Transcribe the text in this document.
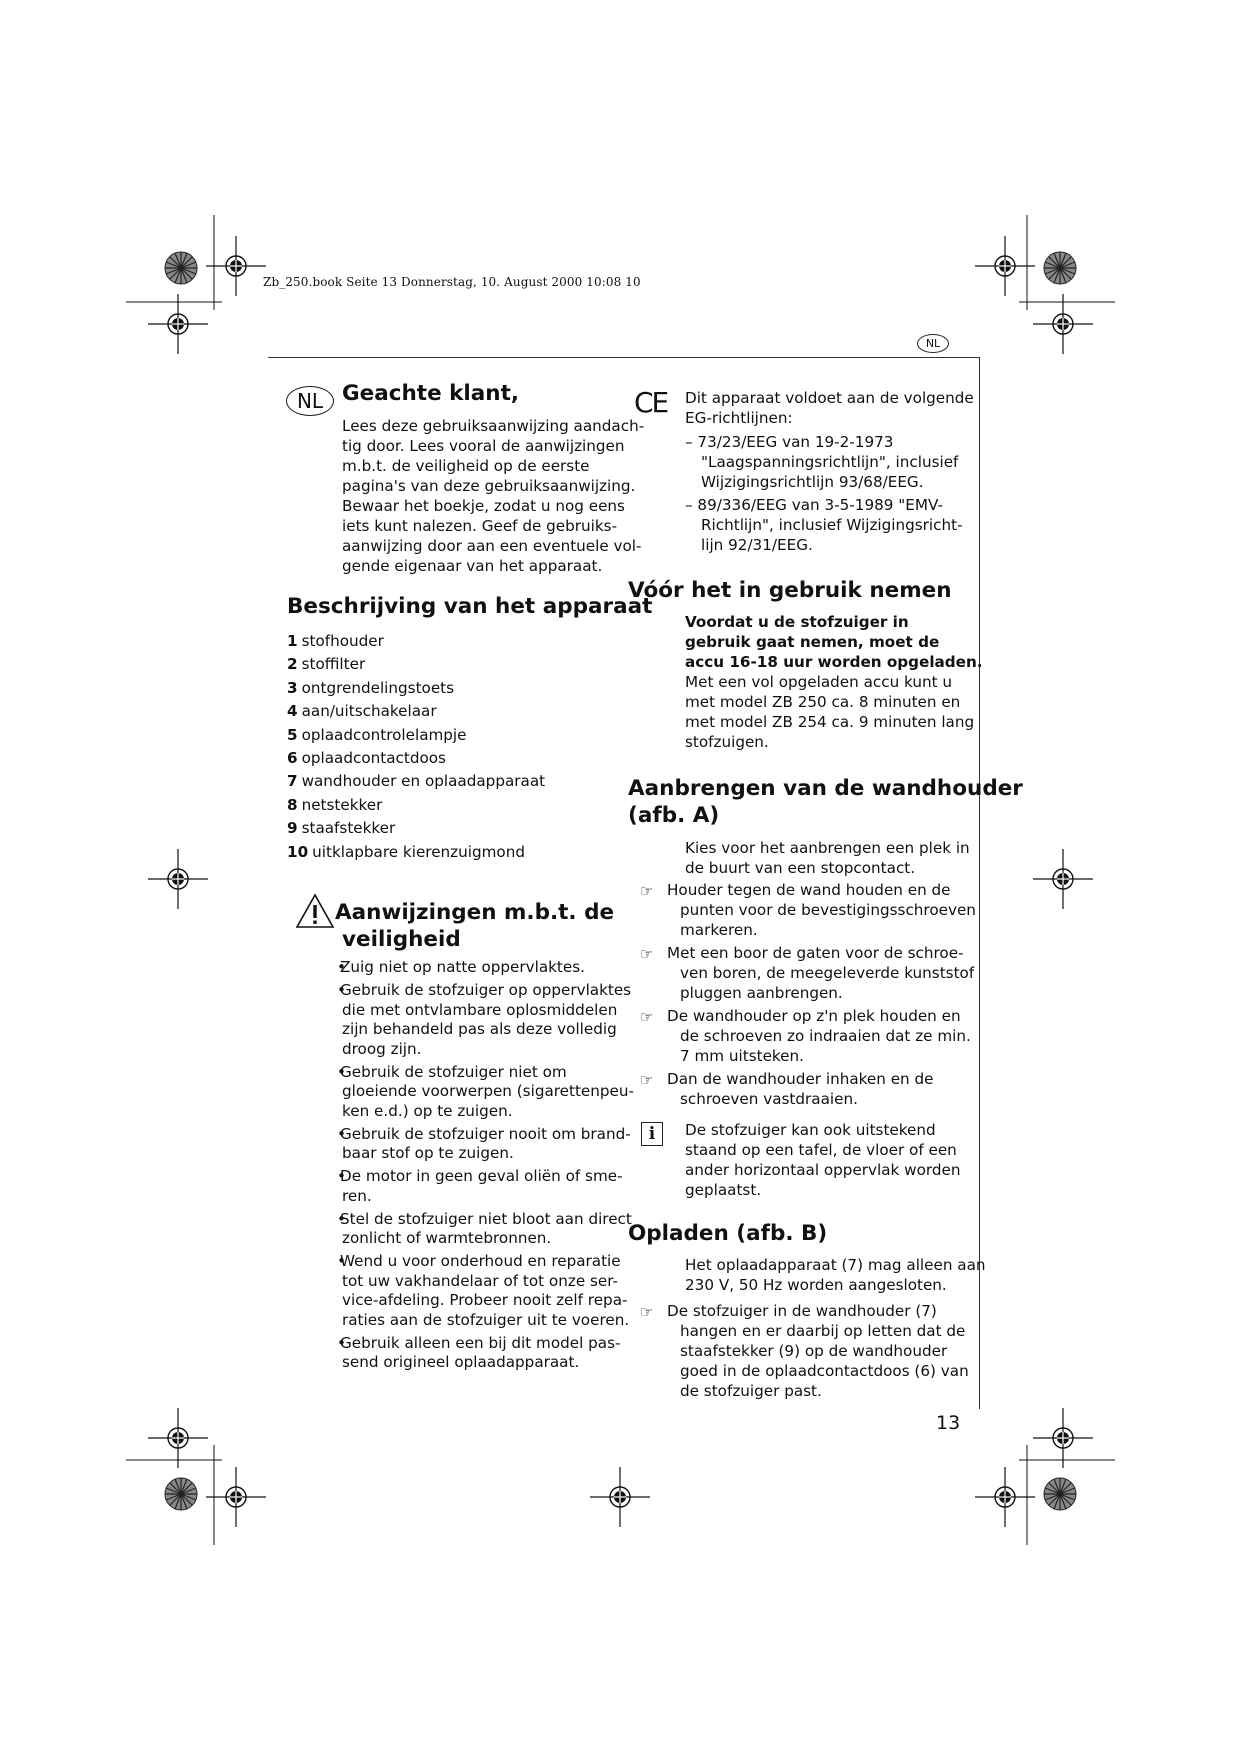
Zb_250.book Seite 13 Donnerstag, 10. August 2000 10:08 10
NL
NL Geachte klant,
Lees deze gebruiksaanwijzing aandach-
tig door. Lees vooral de aanwijzingen
m.b.t. de veiligheid op de eerste
pagina's van deze gebruiksaanwijzing.
Bewaar het boekje, zodat u nog eens
iets kunt nalezen. Geef de gebruiks-
aanwijzing door aan een eventuele vol-
gende eigenaar van het apparaat.
Beschrijving van het apparaat
1 stofhouder
2 stoffilter
3 ontgrendelingstoets
4 aan/uitschakelaar
5 oplaadcontrolelampje
6 oplaadcontactdoos
7 wandhouder en oplaadapparaat
8 netstekker
9 staafstekker
10 uitklapbare kierenzuigmond
Aanwijzingen m.b.t. de
veiligheid
• Zuig niet op natte oppervlaktes.
• Gebruik de stofzuiger op oppervlaktes
die met ontvlambare oplosmiddelen
zijn behandeld pas als deze volledig
droog zijn.
• Gebruik de stofzuiger niet om
gloeiende voorwerpen (sigarettenpeu-
ken e.d.) op te zuigen.
• Gebruik de stofzuiger nooit om brand-
baar stof op te zuigen.
• De motor in geen geval oliën of sme-
ren.
• Stel de stofzuiger niet bloot aan direct
zonlicht of warmtebronnen.
• Wend u voor onderhoud en reparatie
tot uw vakhandelaar of tot onze ser-
vice-afdeling. Probeer nooit zelf repa-
raties aan de stofzuiger uit te voeren.
• Gebruik alleen een bij dit model pas-
send origineel oplaadapparaat.
CE Dit apparaat voldoet aan de volgende
EG-richtlijnen:
– 73/23/EEG van 19-2-1973
"Laagspanningsrichtlijn", inclusief
Wijzigingsrichtlijn 93/68/EEG.
– 89/336/EEG van 3-5-1989 "EMV-
Richtlijn", inclusief Wijzigingsricht-
lijn 92/31/EEG.
Vóór het in gebruik nemen
Voordat u de stofzuiger in
gebruik gaat nemen, moet de
accu 16-18 uur worden opgeladen.
Met een vol opgeladen accu kunt u
met model ZB 250 ca. 8 minuten en
met model ZB 254 ca. 9 minuten lang
stofzuigen.
Aanbrengen van de wandhouder
(afb. A)
Kies voor het aanbrengen een plek in
de buurt van een stopcontact.
☞ Houder tegen de wand houden en de
punten voor de bevestigingsschroeven
markeren.
☞ Met een boor de gaten voor de schroe-
ven boren, de meegeleverde kunststof
pluggen aanbrengen.
☞ De wandhouder op z'n plek houden en
de schroeven zo indraaien dat ze min.
7 mm uitsteken.
☞ Dan de wandhouder inhaken en de
schroeven vastdraaien.
i	De stofzuiger kan ook uitstekend
staand op een tafel, de vloer of een
ander horizontaal oppervlak worden
geplaatst.
Opladen (afb. B)
Het oplaadapparaat (7) mag alleen aan
230 V, 50 Hz worden aangesloten.
☞ De stofzuiger in de wandhouder (7)
hangen en er daarbij op letten dat de
staafstekker (9) op de wandhouder
goed in de oplaadcontactdoos (6) van
de stofzuiger past.
13
